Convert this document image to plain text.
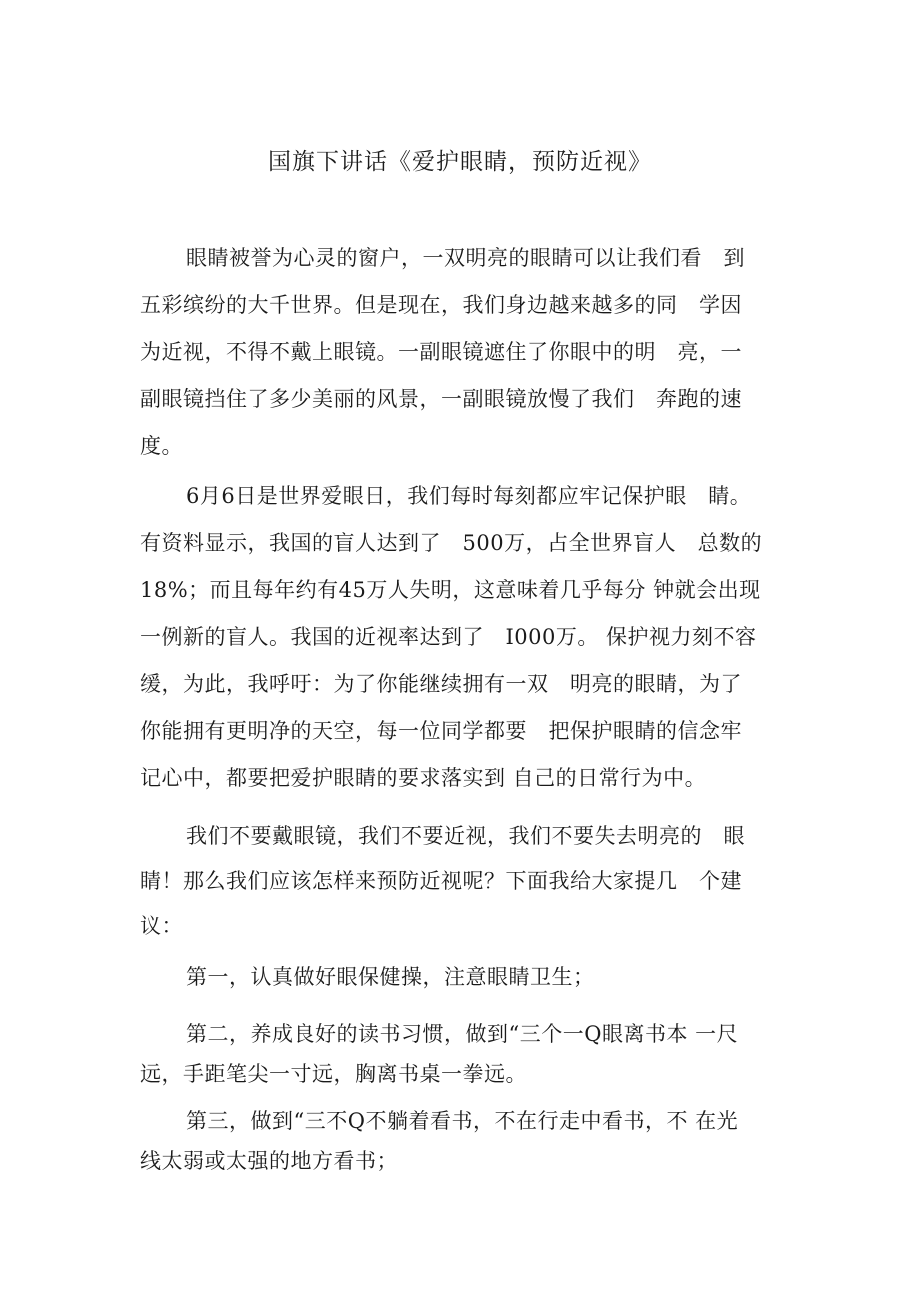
国旗下讲话《爱护眼睛，预防近视》
眼睛被誉为心灵的窗户，一双明亮的眼睛可以让我们看　到
五彩缤纷的大千世界。但是现在，我们身边越来越多的同　学因
为近视，不得不戴上眼镜。一副眼镜遮住了你眼中的明　亮，一
副眼镜挡住了多少美丽的风景，一副眼镜放慢了我们　奔跑的速
度。
6月6日是世界爱眼日，我们每时每刻都应牢记保护眼　睛。
有资料显示，我国的盲人达到了　500万，占全世界盲人　总数的
18%；而且每年约有45万人失明，这意味着几乎每分 钟就会出现
一例新的盲人。我国的近视率达到了　I000万。 保护视力刻不容
缓，为此，我呼吁：为了你能继续拥有一双　明亮的眼睛，为了
你能拥有更明净的天空，每一位同学都要　把保护眼睛的信念牢
记心中，都要把爱护眼睛的要求落实到 自己的日常行为中。
我们不要戴眼镜，我们不要近视，我们不要失去明亮的　眼
睛！那么我们应该怎样来预防近视呢？下面我给大家提几　个建
议：
第一，认真做好眼保健操，注意眼睛卫生；
第二，养成良好的读书习惯，做到“三个一Q眼离书本 一尺
远，手距笔尖一寸远，胸离书桌一拳远。
第三，做到“三不Q不躺着看书，不在行走中看书，不 在光
线太弱或太强的地方看书；
